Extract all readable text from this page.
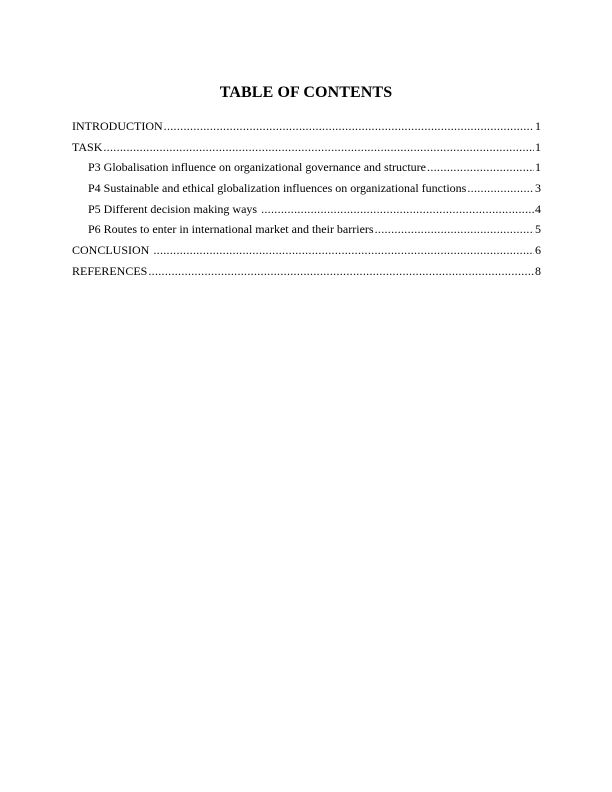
TABLE OF CONTENTS
INTRODUCTION .....	1
TASK .....	1
P3 Globalisation influence on organizational governance and structure .....	1
P4 Sustainable and ethical globalization influences on organizational functions .....	3
P5 Different decision making ways .....	4
P6 Routes to enter in international market and their barriers .....	5
CONCLUSION .....	6
REFERENCES .....	8
